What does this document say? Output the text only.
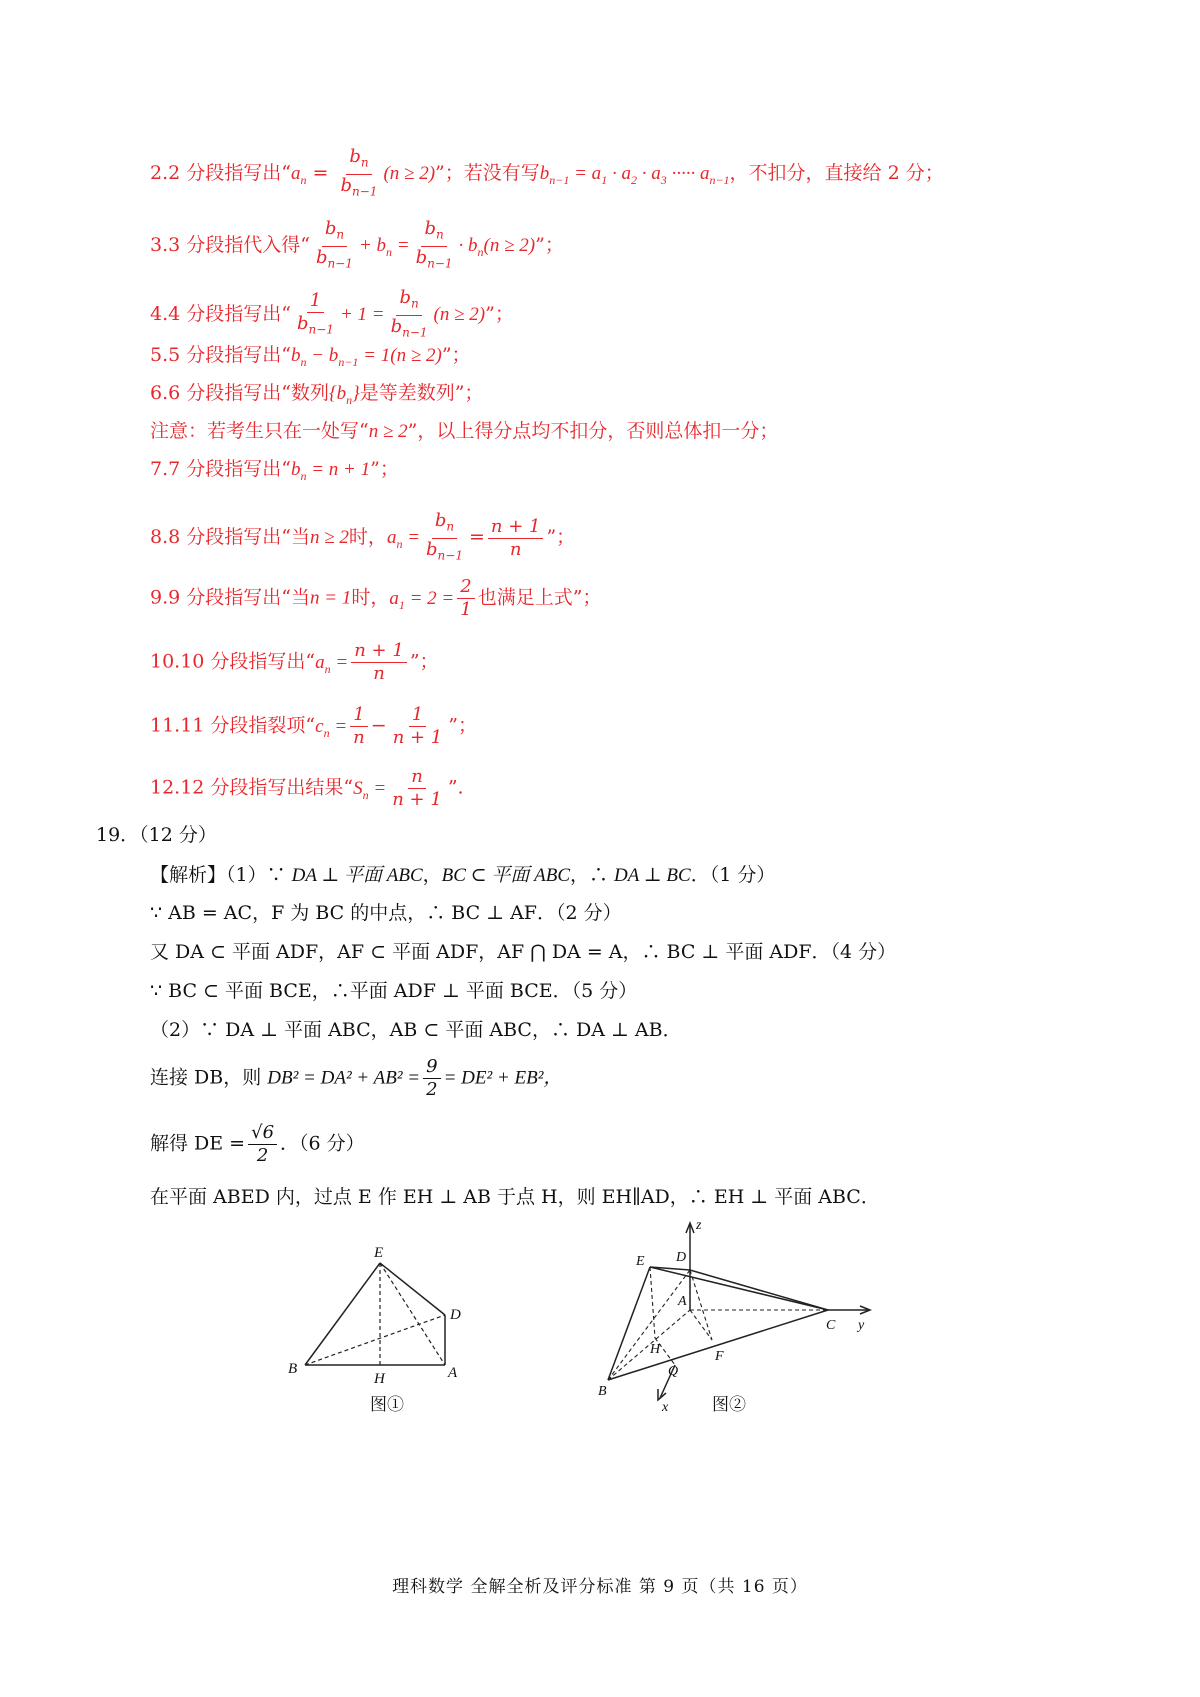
2.2 分段指写出“$a_n = \frac{b_n}{b_{n-1}} (n \ge 2)$”；若没有写$b_{n-1} = a_1 \cdot a_2 \cdot a_3$ ····· $a_{n-1}$，不扣分，直接给 2 分；
3.3 分段指代入得“ $\frac{b_n}{b_{n-1}} + b_n = \frac{b_n}{b_{n-1}} \cdot b_n(n \ge 2)$”；
4.4 分段指写出“ $\frac{1}{b_{n-1}} + 1 = \frac{b_n}{b_{n-1}} (n \ge 2)$”；
5.5 分段指写出“$b_n - b_{n-1} = 1(n \ge 2)$”；
6.6 分段指写出“数列$\{b_n\}$是等差数列”；
注意：若考生只在一处写“n ≥ 2”，以上得分点均不扣分，否则总体扣一分；
7.7 分段指写出“$b_n = n + 1$”；
8.8 分段指写出“当n ≥ 2时，$a_n = \frac{b_n}{b_{n-1}} = \frac{n + 1}{n}$ ”；
9.9 分段指写出“当n = 1时，$a_1 = 2 = \frac{2}{1}$ 也满足上式”；
10.10 分段指写出“$a_n = \frac{n + 1}{n}$ ”；
11.11 分段指裂项“$c_n = \frac{1}{n} - \frac{1}{n + 1}$ ”；
12.12 分段指写出结果“$S_n = \frac{n}{n + 1}$ ”.
19．（12 分）
【解析】（1）∵ DA ⊥ 平面 ABC，BC ⊂ 平面 ABC，∴ DA ⊥ BC．（1 分）
∵ AB = AC，F 为 BC 的中点，∴ BC ⊥ AF．（2 分）
又 DA ⊂ 平面 ADF，AF ⊂ 平面 ADF，AF ⋂ DA = A，∴ BC ⊥ 平面 ADF．（4 分）
∵ BC ⊂ 平面 BCE，∴平面 ADF ⊥ 平面 BCE．（5 分）
（2）∵ DA ⊥ 平面 ABC，AB ⊂ 平面 ABC，∴ DA ⊥ AB．
连接 DB，则 $DB^2 = DA^2 + AB^2 = \frac{9}{2} = DE^2 + EB^2$，
解得 DE = $\frac{√6}{2}$ ．（6 分）
在平面 ABED 内，过点 E 作 EH ⊥ AB 于点 H，则 EH∥AD，∴ EH ⊥ 平面 ABC．
E
D
B
H	A
图①
z
E D
A
C y
H
Q
F
B
x	图②
理科数学 全解全析及评分标准 第 9 页（共 16 页）
